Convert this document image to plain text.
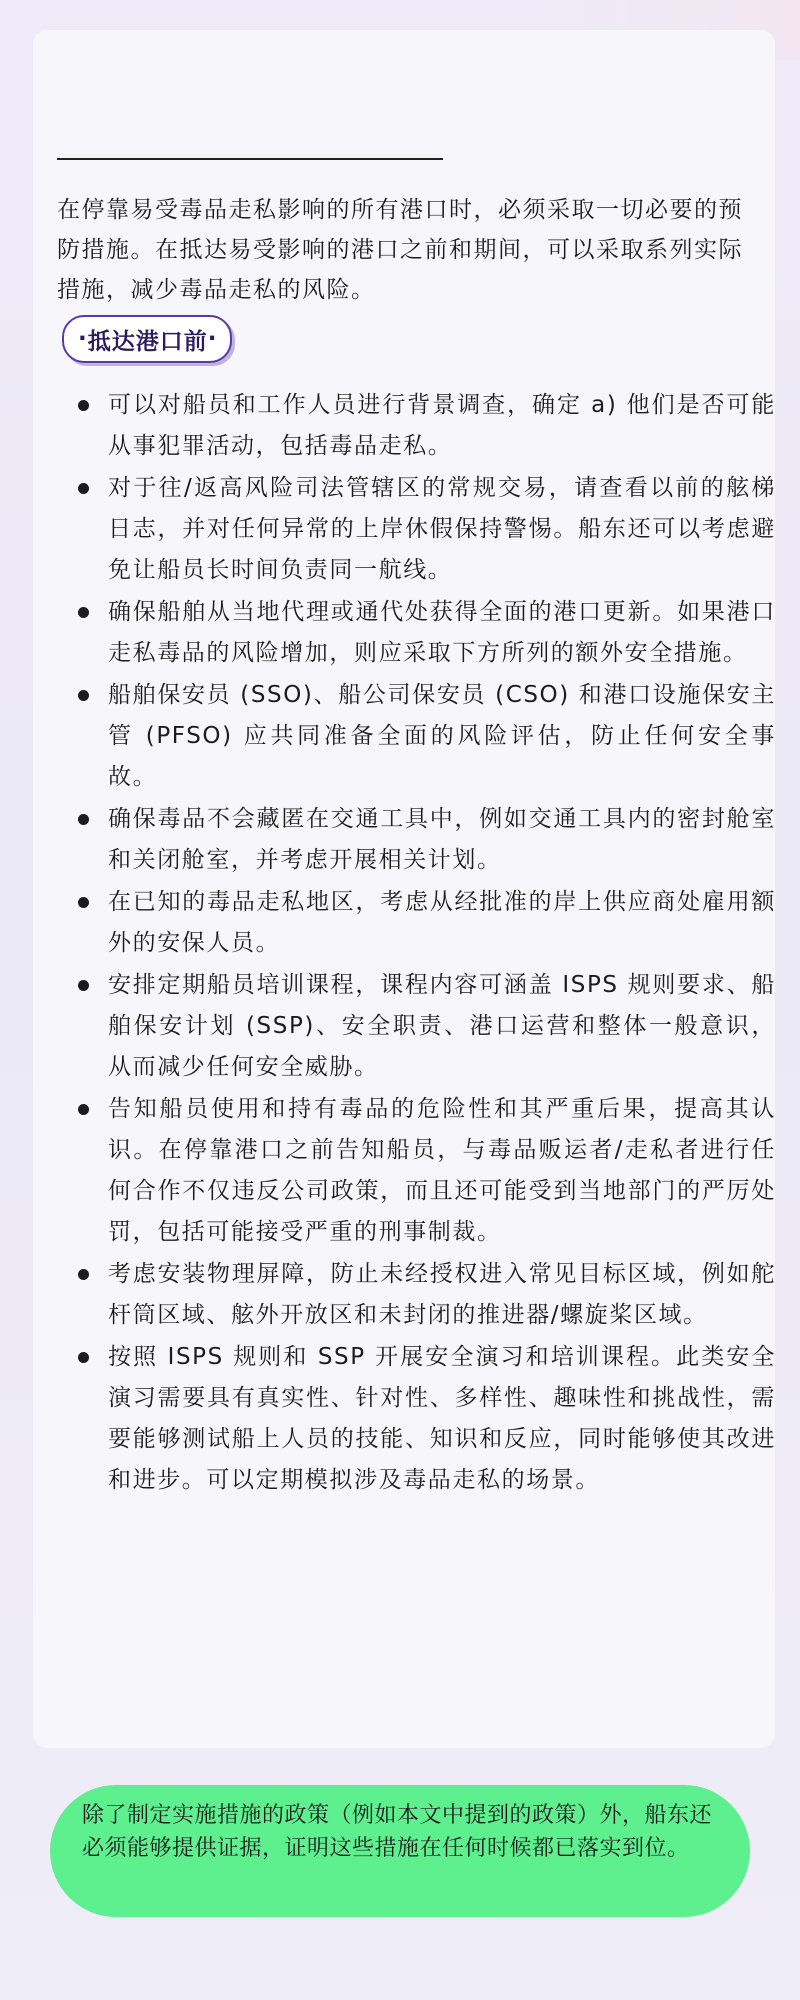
在停靠易受毒品走私影响的所有港口时，必须采取一切必要的预防措施。在抵达易受影响的港口之前和期间，可以采取系列实际措施，减少毒品走私的风险。

· 抵达港口前 ·
可以对船员和工作人员进行背景调查，确定 a) 他们是否可能从事犯罪活动，包括毒品走私。
对于往/返高风险司法管辖区的常规交易，请查看以前的舷梯日志，并对任何异常的上岸休假保持警惕。船东还可以考虑避免让船员长时间负责同一航线。
确保船舶从当地代理或通代处获得全面的港口更新。如果港口走私毒品的风险增加，则应采取下方所列的额外安全措施。
船舶保安员 (SSO)、船公司保安员 (CSO) 和港口设施保安主管 (PFSO) 应共同准备全面的风险评估，防止任何安全事故。
确保毒品不会藏匿在交通工具中，例如交通工具内的密封舱室和关闭舱室，并考虑开展相关计划。
在已知的毒品走私地区，考虑从经批准的岸上供应商处雇用额外的安保人员。
安排定期船员培训课程，课程内容可涵盖 ISPS 规则要求、船舶保安计划 (SSP)、安全职责、港口运营和整体一般意识，从而减少任何安全威胁。
告知船员使用和持有毒品的危险性和其严重后果，提高其认识。在停靠港口之前告知船员，与毒品贩运者/走私者进行任何合作不仅违反公司政策，而且还可能受到当地部门的严厉处罚，包括可能接受严重的刑事制裁。
考虑安装物理屏障，防止未经授权进入常见目标区域，例如舵杆筒区域、舷外开放区和未封闭的推进器/螺旋桨区域。
按照 ISPS 规则和 SSP 开展安全演习和培训课程。此类安全演习需要具有真实性、针对性、多样性、趣味性和挑战性，需要能够测试船上人员的技能、知识和反应，同时能够使其改进和进步。可以定期模拟涉及毒品走私的场景。
除了制定实施措施的政策（例如本文中提到的政策）外，船东还必须能够提供证据，证明这些措施在任何时候都已落实到位。
